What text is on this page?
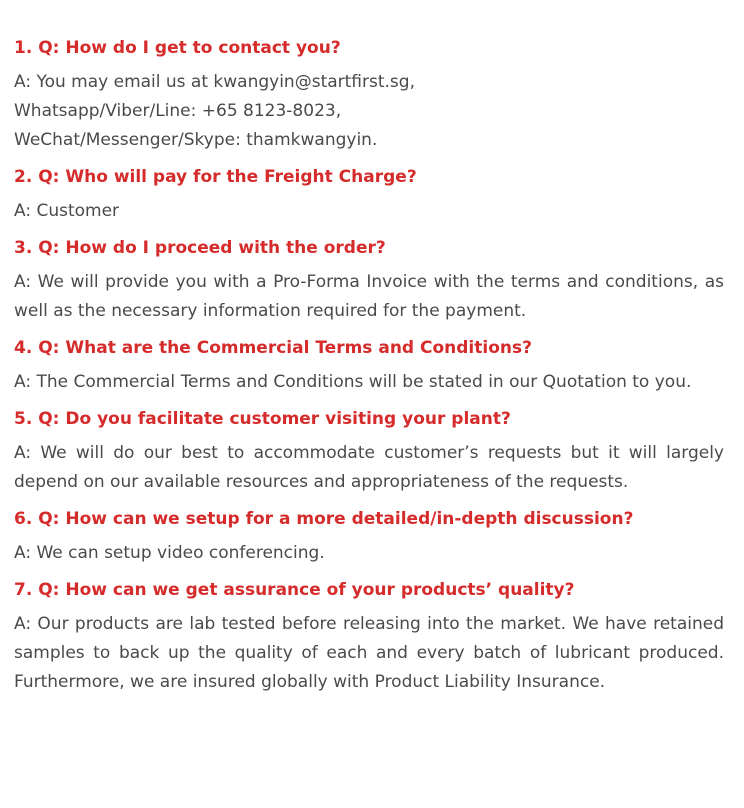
1. Q: How do I get to contact you?

A: You may email us at kwangyin@startfirst.sg,
Whatsapp/Viber/Line: +65 8123-8023,
WeChat/Messenger/Skype: thamkwangyin.

2. Q: Who will pay for the Freight Charge?

A: Customer

3. Q: How do I proceed with the order?

A: We will provide you with a Pro-Forma Invoice with the terms and conditions, as well as the necessary information required for the payment.

4. Q: What are the Commercial Terms and Conditions?

A: The Commercial Terms and Conditions will be stated in our Quotation to you.

5. Q: Do you facilitate customer visiting your plant?

A: We will do our best to accommodate customer’s requests but it will largely depend on our available resources and appropriateness of the requests.

6. Q: How can we setup for a more detailed/in-depth discussion?

A: We can setup video conferencing.

7. Q: How can we get assurance of your products’ quality?

A: Our products are lab tested before releasing into the market. We have retained samples to back up the quality of each and every batch of lubricant produced. Furthermore, we are insured globally with Product Liability Insurance.
